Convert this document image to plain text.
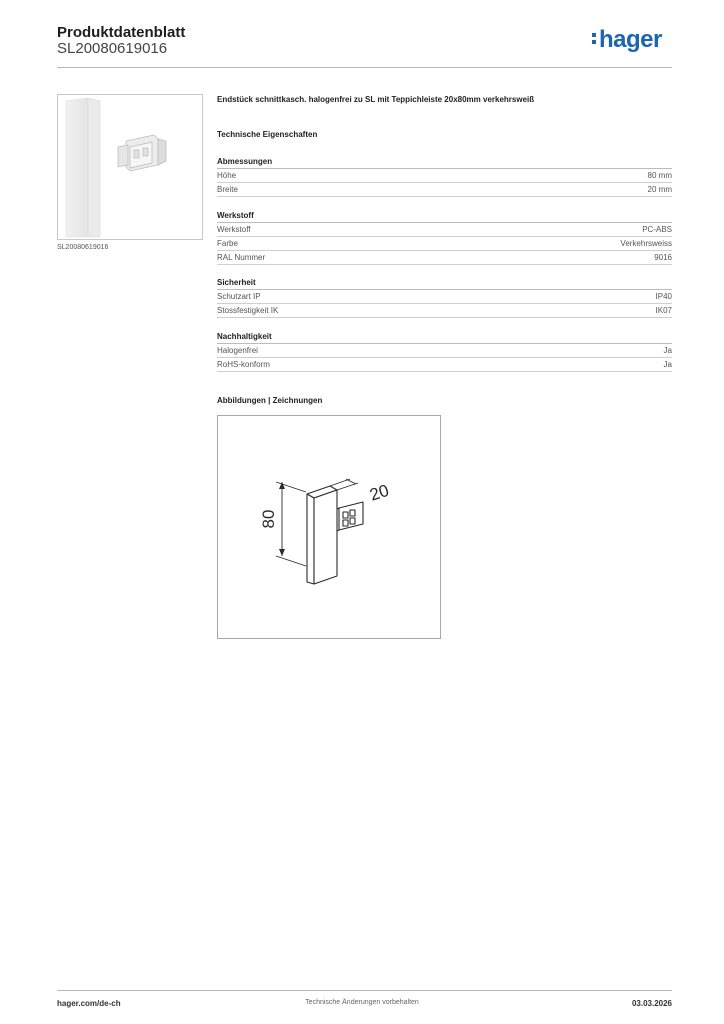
Produktdatenblatt
SL20080619016	hager
SL20080619016
Endstück schnittkasch. halogenfrei zu SL mit Teppichleiste 20x80mm verkehrsweiß
Technische Eigenschaften
Abmessungen
Höhe	80 mm
Breite	20 mm
Werkstoff
Werkstoff	PC-ABS
Farbe	Verkehrsweiss
RAL Nummer	9016
Sicherheit
Schutzart IP	IP40
Stossfestigkeit IK	IK07
Nachhaltigkeit
Halogenfrei	Ja
RoHS-konform	Ja
Abbildungen | Zeichnungen
80
20
hager.com/de-ch	Technische Änderungen vorbehalten	03.03.2026
